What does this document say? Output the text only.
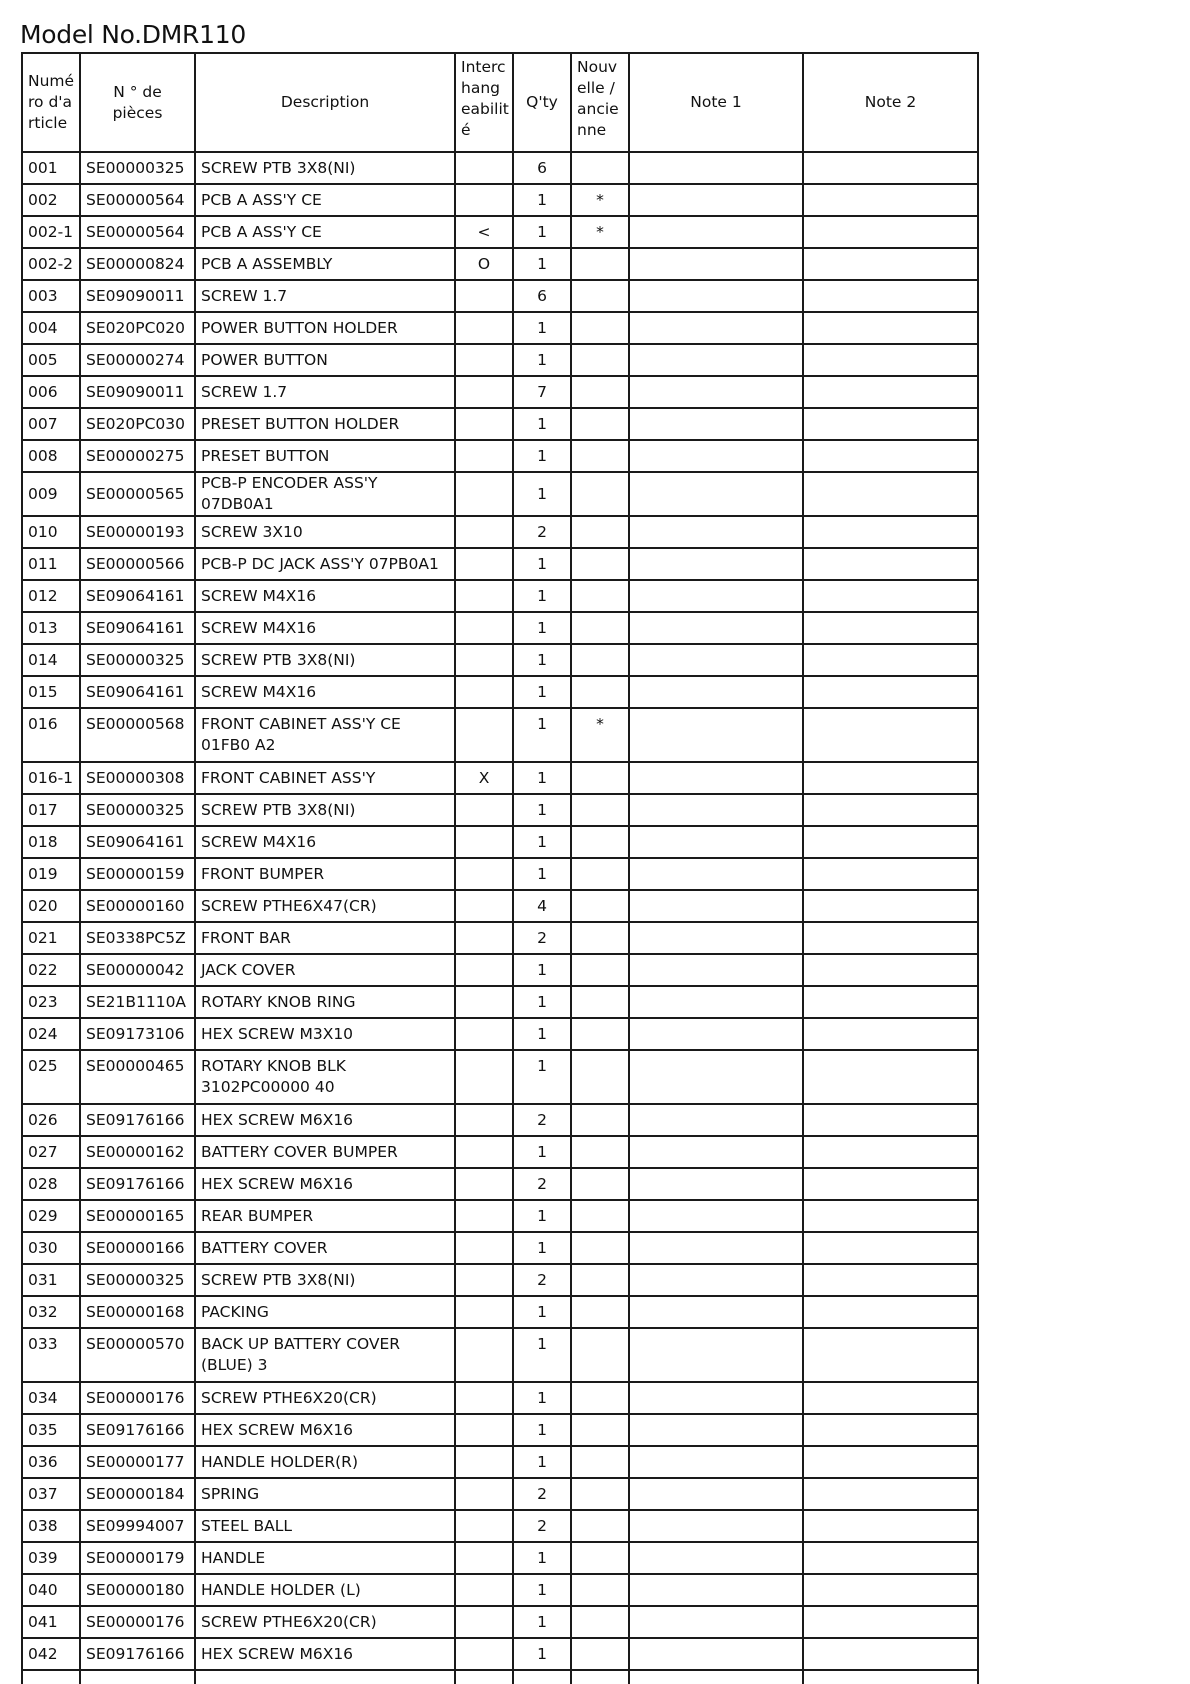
Model No.DMR110
Numé ro d'a rticle	N ° de pièces	Description	Interc hang eabilit é	Q'ty	Nouv elle / ancie nne	Note 1	Note 2
001	SE00000325	SCREW PTB 3X8(NI)		6			
002	SE00000564	PCB A ASS'Y CE		1	*		
002-1	SE00000564	PCB A ASS'Y CE	<	1	*		
002-2	SE00000824	PCB A ASSEMBLY	O	1			
003	SE09090011	SCREW 1.7		6			
004	SE020PC020	POWER BUTTON HOLDER		1			
005	SE00000274	POWER BUTTON		1			
006	SE09090011	SCREW 1.7		7			
007	SE020PC030	PRESET BUTTON HOLDER		1			
008	SE00000275	PRESET BUTTON		1			
009	SE00000565	PCB-P ENCODER ASS'Y 07DB0A1		1			
010	SE00000193	SCREW 3X10		2			
011	SE00000566	PCB-P DC JACK ASS'Y 07PB0A1		1			
012	SE09064161	SCREW M4X16		1			
013	SE09064161	SCREW M4X16		1			
014	SE00000325	SCREW PTB 3X8(NI)		1			
015	SE09064161	SCREW M4X16		1			
016	SE00000568	FRONT CABINET ASS'Y CE 01FB0 A2		1	*		
016-1	SE00000308	FRONT CABINET ASS'Y	X	1			
017	SE00000325	SCREW PTB 3X8(NI)		1			
018	SE09064161	SCREW M4X16		1			
019	SE00000159	FRONT BUMPER		1			
020	SE00000160	SCREW PTHE6X47(CR)		4			
021	SE0338PC5Z	FRONT BAR		2			
022	SE00000042	JACK COVER		1			
023	SE21B1110A	ROTARY KNOB RING		1			
024	SE09173106	HEX SCREW M3X10		1			
025	SE00000465	ROTARY KNOB BLK 3102PC00000 40		1			
026	SE09176166	HEX SCREW M6X16		2			
027	SE00000162	BATTERY COVER BUMPER		1			
028	SE09176166	HEX SCREW M6X16		2			
029	SE00000165	REAR BUMPER		1			
030	SE00000166	BATTERY COVER		1			
031	SE00000325	SCREW PTB 3X8(NI)		2			
032	SE00000168	PACKING		1			
033	SE00000570	BACK UP BATTERY COVER (BLUE) 3		1			
034	SE00000176	SCREW PTHE6X20(CR)		1			
035	SE09176166	HEX SCREW M6X16		1			
036	SE00000177	HANDLE HOLDER(R)		1			
037	SE00000184	SPRING		2			
038	SE09994007	STEEL BALL		2			
039	SE00000179	HANDLE		1			
040	SE00000180	HANDLE HOLDER (L)		1			
041	SE00000176	SCREW PTHE6X20(CR)		1			
042	SE09176166	HEX SCREW M6X16		1			
